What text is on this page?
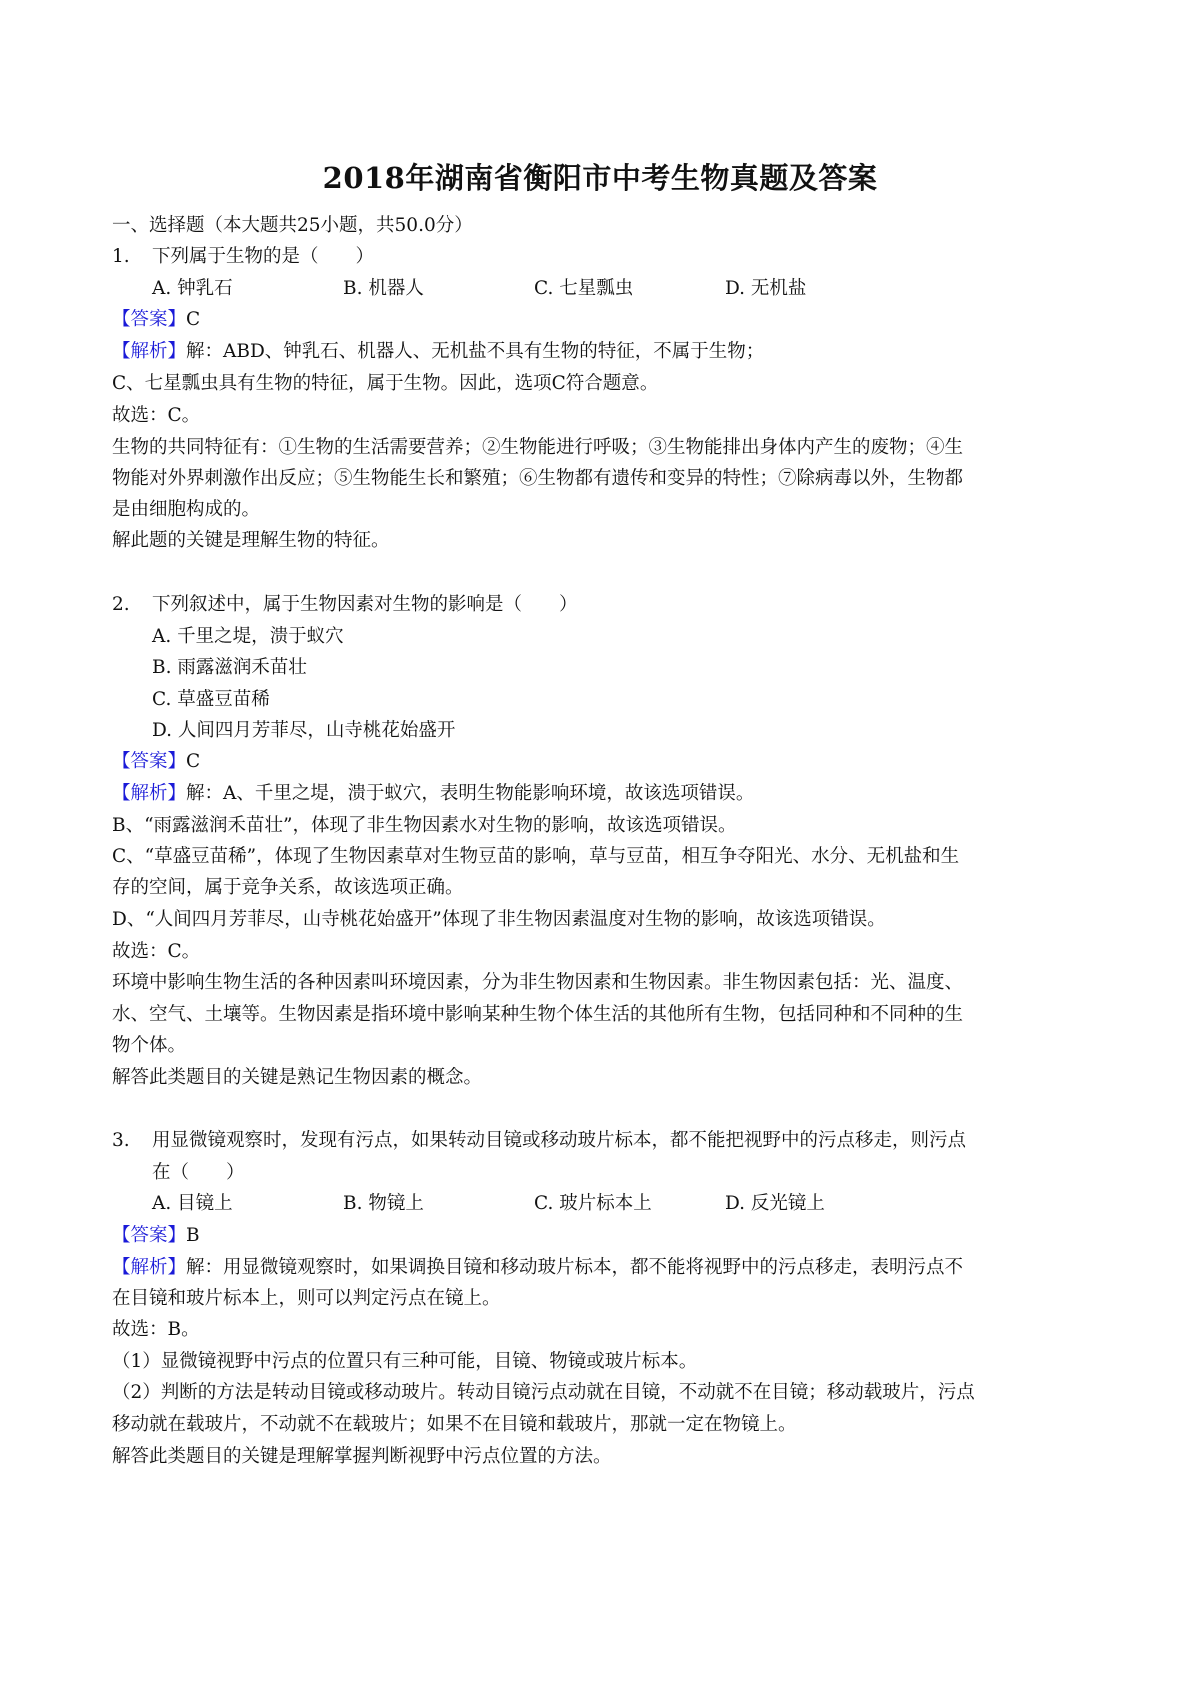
2018年湖南省衡阳市中考生物真题及答案
一、选择题（本大题共25小题，共50.0分）
1. 下列属于生物的是（　　）
A. 钟乳石	B. 机器人	C. 七星瓢虫	D. 无机盐
【答案】C
【解析】解：ABD、钟乳石、机器人、无机盐不具有生物的特征，不属于生物；
C、七星瓢虫具有生物的特征，属于生物。因此，选项C符合题意。
故选：C。
生物的共同特征有：①生物的生活需要营养；②生物能进行呼吸；③生物能排出身体内产生的废物；④生
物能对外界刺激作出反应；⑤生物能生长和繁殖；⑥生物都有遗传和变异的特性；⑦除病毒以外，生物都
是由细胞构成的。
解此题的关键是理解生物的特征。
2. 下列叙述中，属于生物因素对生物的影响是（　　）
A. 千里之堤，溃于蚁穴
B. 雨露滋润禾苗壮
C. 草盛豆苗稀
D. 人间四月芳菲尽，山寺桃花始盛开
【答案】C
【解析】解：A、千里之堤，溃于蚁穴，表明生物能影响环境，故该选项错误。
B、“雨露滋润禾苗壮”，体现了非生物因素水对生物的影响，故该选项错误。
C、“草盛豆苗稀”，体现了生物因素草对生物豆苗的影响，草与豆苗，相互争夺阳光、水分、无机盐和生
存的空间，属于竞争关系，故该选项正确。
D、“人间四月芳菲尽，山寺桃花始盛开”体现了非生物因素温度对生物的影响，故该选项错误。
故选：C。
环境中影响生物生活的各种因素叫环境因素，分为非生物因素和生物因素。非生物因素包括：光、温度、
水、空气、土壤等。生物因素是指环境中影响某种生物个体生活的其他所有生物，包括同种和不同种的生
物个体。
解答此类题目的关键是熟记生物因素的概念。
3. 用显微镜观察时，发现有污点，如果转动目镜或移动玻片标本，都不能把视野中的污点移走，则污点
在（　　）
A. 目镜上	B. 物镜上	C. 玻片标本上	D. 反光镜上
【答案】B
【解析】解：用显微镜观察时，如果调换目镜和移动玻片标本，都不能将视野中的污点移走，表明污点不
在目镜和玻片标本上，则可以判定污点在镜上。
故选：B。
（1）显微镜视野中污点的位置只有三种可能，目镜、物镜或玻片标本。
（2）判断的方法是转动目镜或移动玻片。转动目镜污点动就在目镜，不动就不在目镜；移动载玻片，污点
移动就在载玻片，不动就不在载玻片；如果不在目镜和载玻片，那就一定在物镜上。
解答此类题目的关键是理解掌握判断视野中污点位置的方法。
